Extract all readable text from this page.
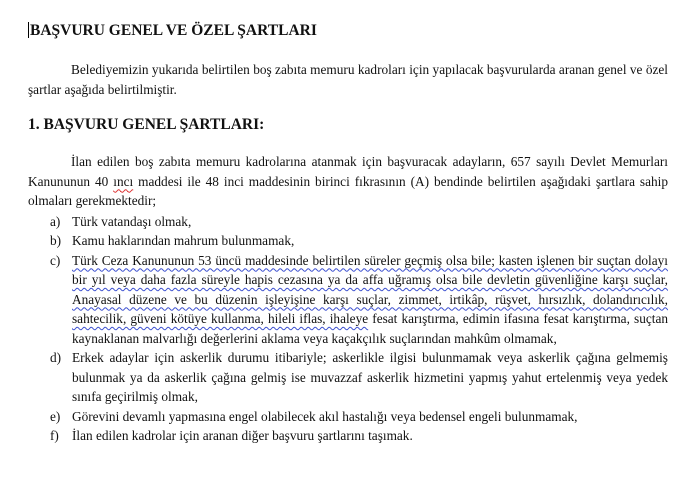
BAŞVURU GENEL VE ÖZEL ŞARTLARI

Belediyemizin yukarıda belirtilen boş zabıta memuru kadroları için yapılacak başvurularda aranan genel ve özel şartlar aşağıda belirtilmiştir.

1. BAŞVURU GENEL ŞARTLARI:

İlan edilen boş zabıta memuru kadrolarına atanmak için başvuracak adayların, 657 sayılı Devlet Memurları Kanununun 40 ıncı maddesi ile 48 inci maddesinin birinci fıkrasının (A) bendinde belirtilen aşağıdaki şartlara sahip olmaları gerekmektedir;

a) Türk vatandaşı olmak,
b) Kamu haklarından mahrum bulunmamak,
c) Türk Ceza Kanununun 53 üncü maddesinde belirtilen süreler geçmiş olsa bile; kasten işlenen bir suçtan dolayı bir yıl veya daha fazla süreyle hapis cezasına ya da affa uğramış olsa bile devletin güvenliğine karşı suçlar, Anayasal düzene ve bu düzenin işleyişine karşı suçlar, zimmet, irtikâp, rüşvet, hırsızlık, dolandırıcılık, sahtecilik, güveni kötüye kullanma, hileli iflas, ihaleye fesat karıştırma, edimin ifasına fesat karıştırma, suçtan kaynaklanan malvarlığı değerlerini aklama veya kaçakçılık suçlarından mahkûm olmamak,
d) Erkek adaylar için askerlik durumu itibariyle; askerlikle ilgisi bulunmamak veya askerlik çağına gelmemiş bulunmak ya da askerlik çağına gelmiş ise muvazzaf askerlik hizmetini yapmış yahut ertelenmiş veya yedek sınıfa geçirilmiş olmak,
e) Görevini devamlı yapmasına engel olabilecek akıl hastalığı veya bedensel engeli bulunmamak,
f) İlan edilen kadrolar için aranan diğer başvuru şartlarını taşımak.
